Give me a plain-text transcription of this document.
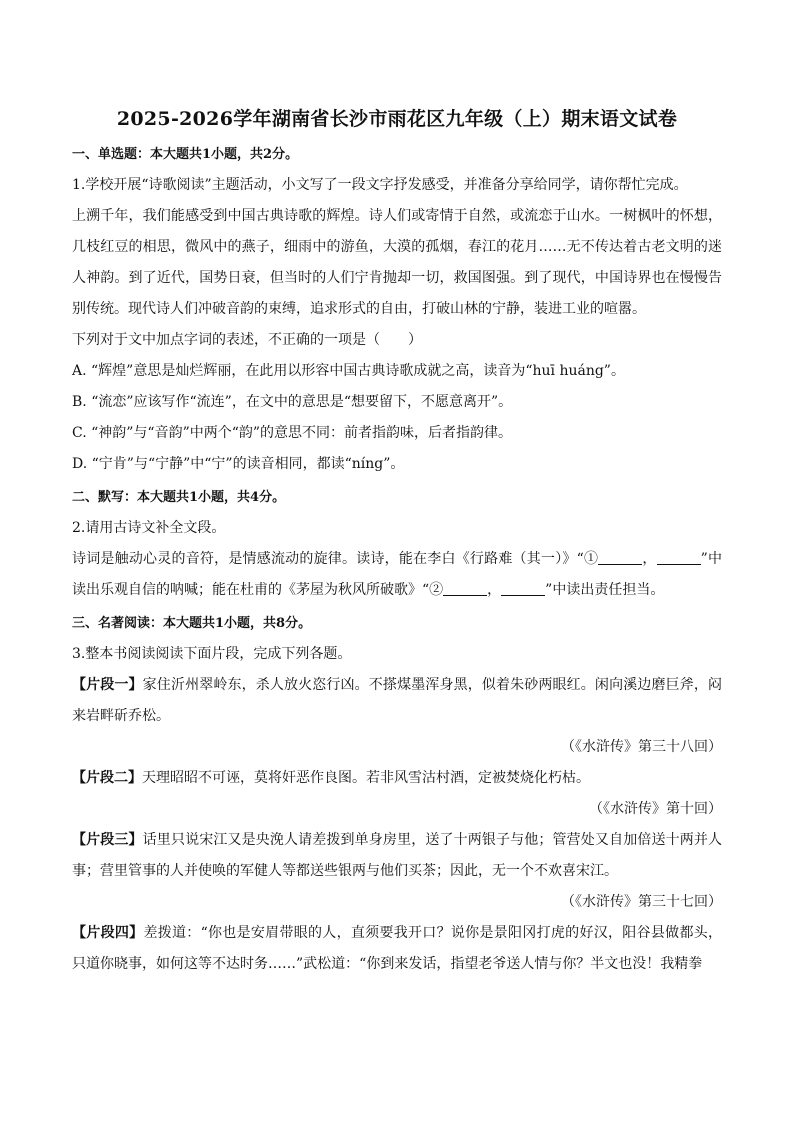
2025-2026学年湖南省长沙市雨花区九年级（上）期末语文试卷
一、单选题：本大题共1小题，共2分。

1.学校开展“诗歌阅读”主题活动，小文写了一段文字抒发感受，并准备分享给同学，请你帮忙完成。

上溯千年，我们能感受到中国古典诗歌的辉煌。诗人们或寄情于自然，或流恋于山水。一树枫叶的怀想，几枝红豆的相思，微风中的燕子，细雨中的游鱼，大漠的孤烟，春江的花月……无不传达着古老文明的迷人神韵。到了近代，国势日衰，但当时的人们宁肯抛却一切，救国图强。到了现代，中国诗界也在慢慢告别传统。现代诗人们冲破音韵的束缚，追求形式的自由，打破山林的宁静，装进工业的喧嚣。

下列对于文中加点字词的表述，不正确的一项是（　　）

A. “辉煌”意思是灿烂辉丽，在此用以形容中国古典诗歌成就之高，读音为“huī huáng”。

B. “流恋”应该写作“流连”，在文中的意思是“想要留下，不愿意离开”。

C. “神韵”与“音韵”中两个“韵”的意思不同：前者指韵味，后者指韵律。

D. “宁肯”与“宁静”中“宁”的读音相同，都读“níng”。

二、默写：本大题共1小题，共4分。

2.请用古诗文补全文段。

诗词是触动心灵的音符，是情感流动的旋律。读诗，能在李白《行路难（其一）》“①	，	”中读出乐观自信的呐喊；能在杜甫的《茅屋为秋风所破歌》“②	，	”中读出责任担当。

三、名著阅读：本大题共1小题，共8分。

3.整本书阅读阅读下面片段，完成下列各题。

【片段一】家住沂州翠岭东，杀人放火恣行凶。不搽煤墨浑身黑，似着朱砂两眼红。闲向溪边磨巨斧，闷来岩畔斫乔松。

（《水浒传》第三十八回）

【片段二】天理昭昭不可诬，莫将奸恶作良图。若非风雪沽村酒，定被焚烧化朽枯。

（《水浒传》第十回）

【片段三】话里只说宋江又是央浼人请差拨到单身房里，送了十两银子与他；管营处又自加倍送十两并人事；营里管事的人并使唤的军健人等都送些银两与他们买茶；因此，无一个不欢喜宋江。

（《水浒传》第三十七回）

【片段四】差拨道：“你也是安眉带眼的人，直须要我开口？说你是景阳冈打虎的好汉，阳谷县做都头，只道你晓事，如何这等不达时务……”武松道：“你到来发话，指望老爷送人情与你？半文也没！我精拳
